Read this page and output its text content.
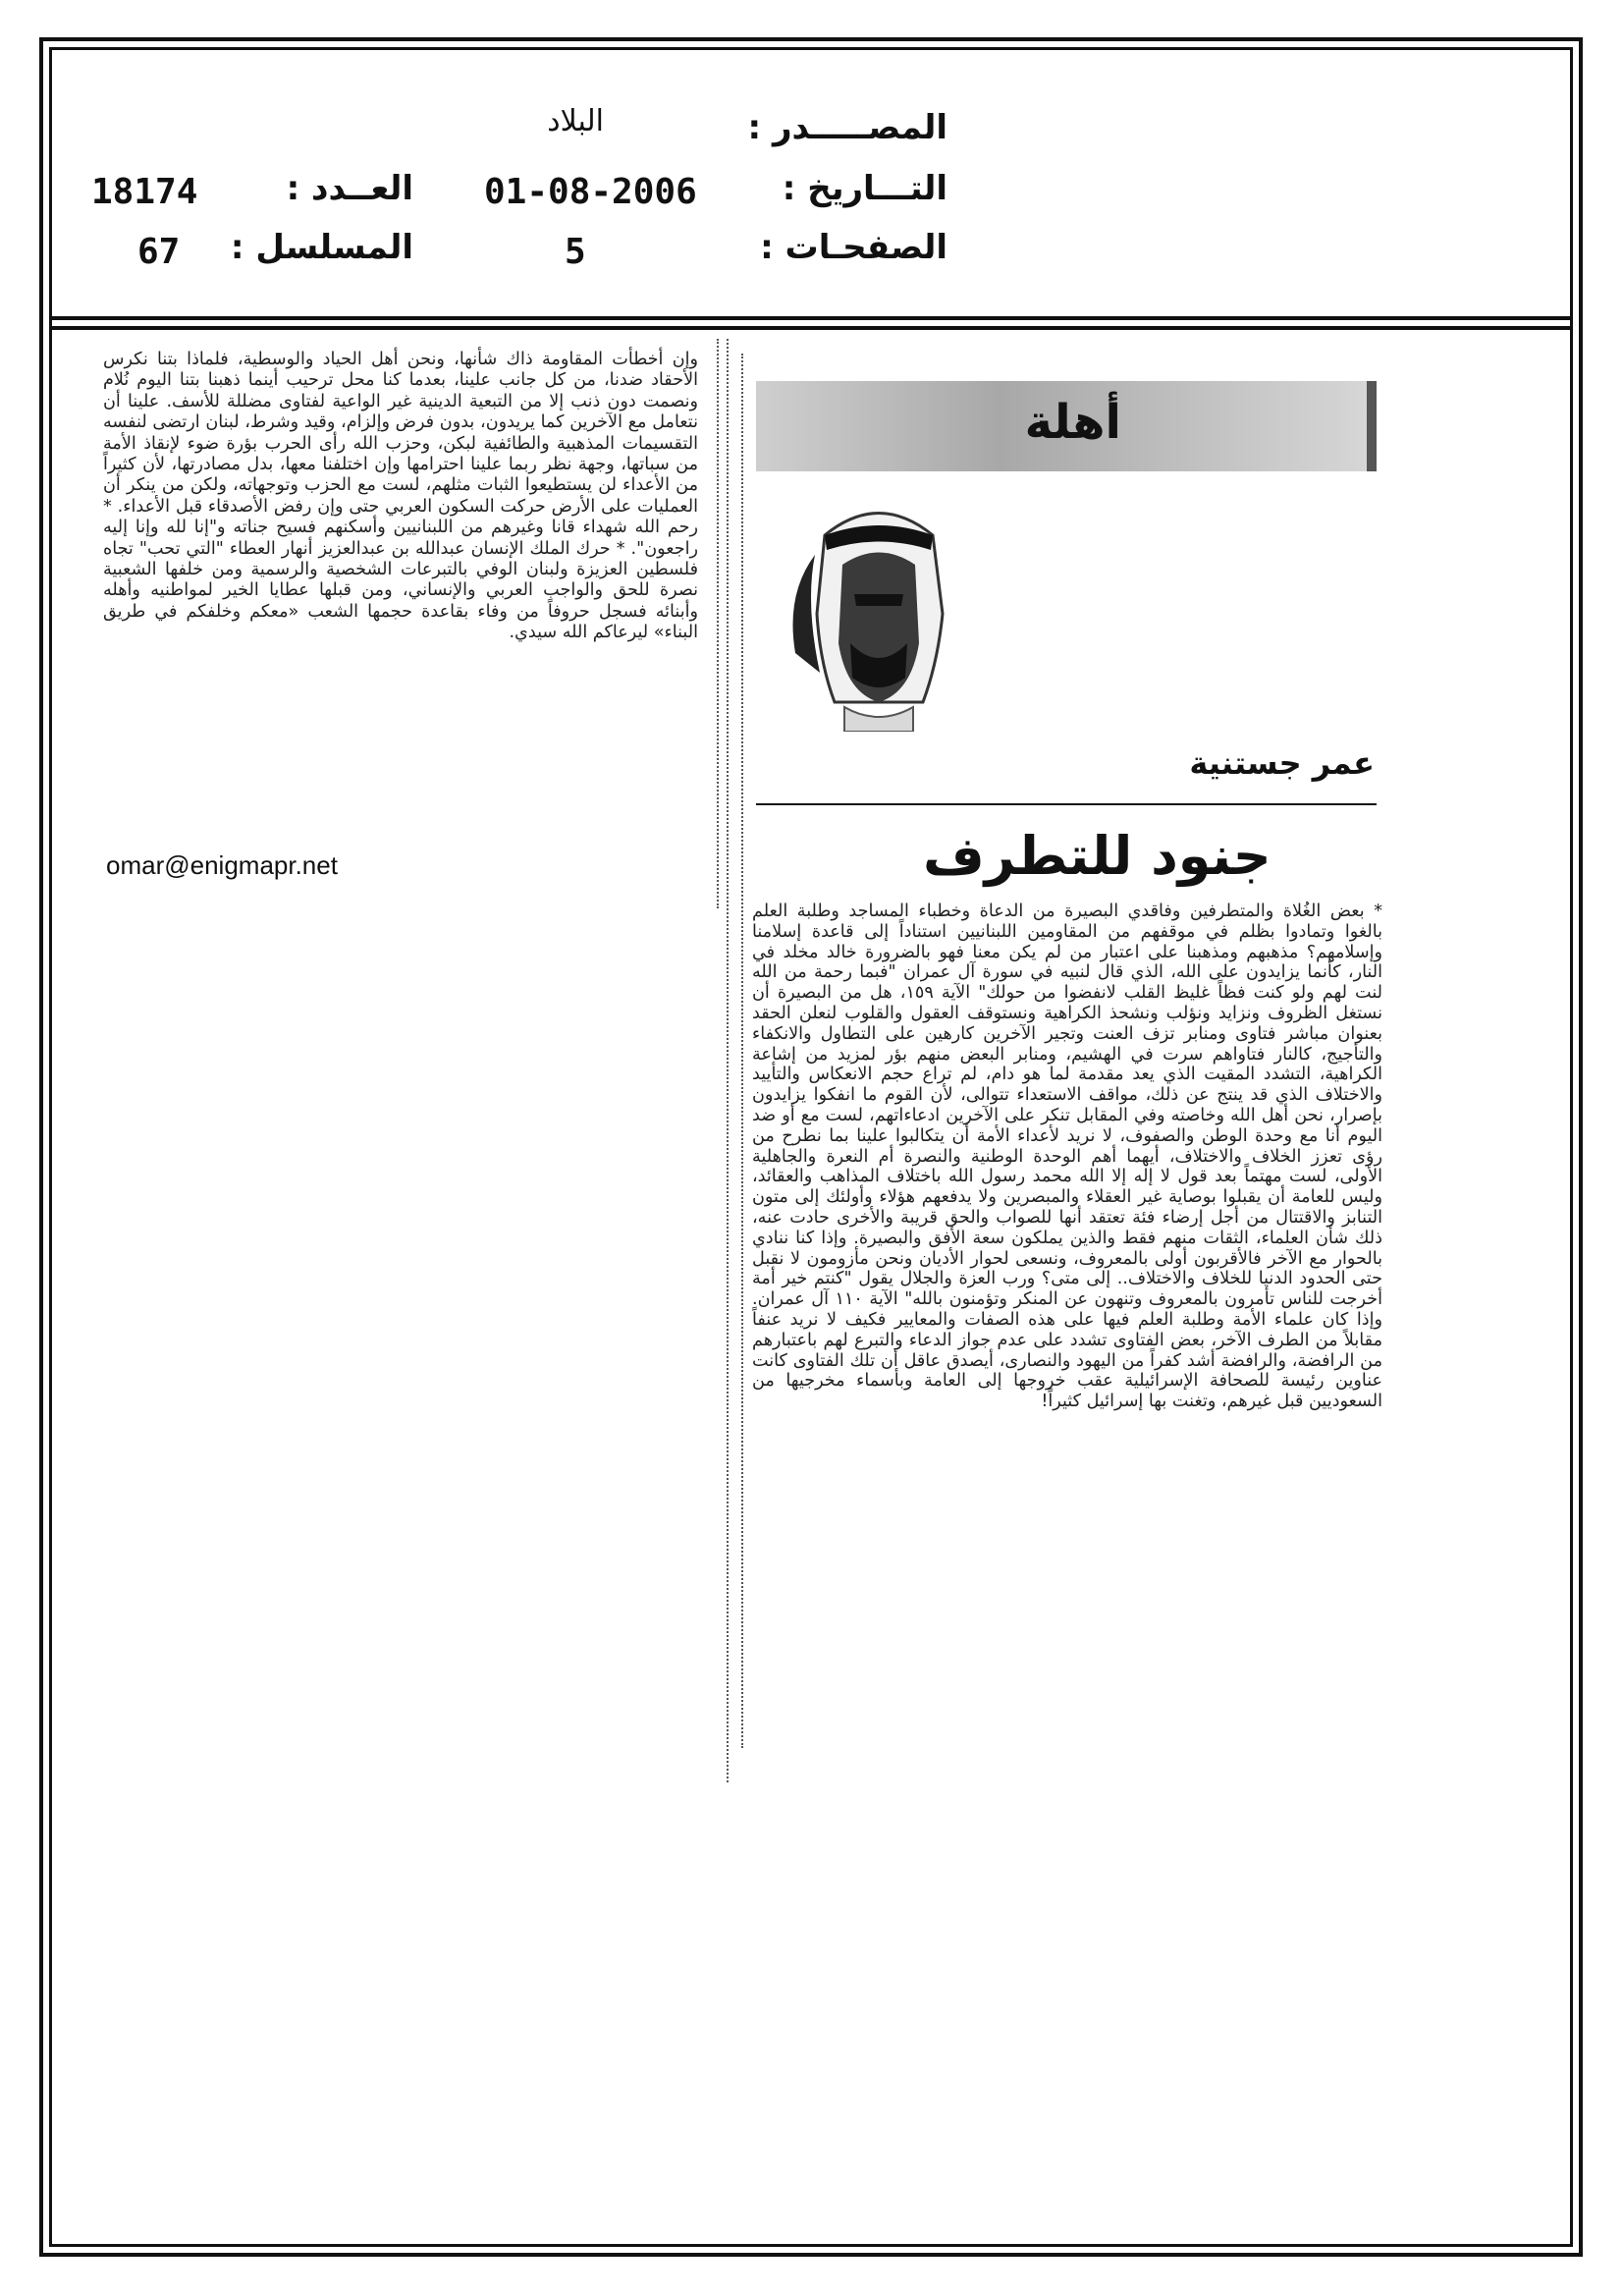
المصـــــدر :
البلاد
التـــاريخ :
01-08-2006
العــدد :
18174
الصفحـات :
5
المسلسل :
67
أهلة
عمر جستنية
جنود للتطرف

* بعض الغُلاة والمتطرفين وفاقدي البصيرة من الدعاة وخطباء المساجد وطلبة العلم بالغوا وتمادوا بظلم في موقفهم من المقاومين اللبنانيين استناداً إلى قاعدة إسلامنا وإسلامهم؟ مذهبهم ومذهبنا على اعتبار من لم يكن معنا فهو بالضرورة خالد مخلد في النار، كأنما يزايدون على الله، الذي قال لنبيه في سورة آل عمران "فبما رحمة من الله لنت لهم ولو كنت فظاً غليظ القلب لانفضوا من حولك" الآية ١٥٩، هل من البصيرة أن نستغل الظروف ونزايد ونؤلب ونشحذ الكراهية ونستوقف العقول والقلوب لنعلن الحقد بعنوان مباشر فتاوى ومنابر تزف العنت وتجير الآخرين كارهين على التطاول والانكفاء والتأجيج، كالنار فتاواهم سرت في الهشيم، ومنابر البعض منهم بؤر لمزيد من إشاعة الكراهية، التشدد المقيت الذي يعد مقدمة لما هو دام، لم تراع حجم الانعكاس والتأييد والاختلاف الذي قد ينتج عن ذلك، مواقف الاستعداء تتوالى، لأن القوم ما انفكوا يزايدون بإصرار، نحن أهل الله وخاصته وفي المقابل تنكر على الآخرين ادعاءاتهم، لست مع أو ضد اليوم أنا مع وحدة الوطن والصفوف، لا نريد لأعداء الأمة أن يتكالبوا علينا بما نطرح من رؤى تعزز الخلاف والاختلاف، أيهما أهم الوحدة الوطنية والنصرة أم النعرة والجاهلية الأولى، لست مهتماً بعد قول لا إله إلا الله محمد رسول الله باختلاف المذاهب والعقائد، وليس للعامة أن يقبلوا بوصاية غير العقلاء والمبصرين ولا يدفعهم هؤلاء وأولئك إلى متون التنابز والاقتتال من أجل إرضاء فئة تعتقد أنها للصواب والحق قريبة والأخرى حادت عنه، ذلك شأن العلماء، الثقات منهم فقط والذين يملكون سعة الأفق والبصيرة. وإذا كنا ننادي بالحوار مع الآخر فالأقربون أولى بالمعروف، ونسعى لحوار الأديان ونحن مأزومون لا نقبل حتى الحدود الدنيا للخلاف والاختلاف.. إلى متى؟ ورب العزة والجلال يقول "كنتم خير أمة أخرجت للناس تأمرون بالمعروف وتنهون عن المنكر وتؤمنون بالله" الآية ١١٠ آل عمران. وإذا كان علماء الأمة وطلبة العلم فيها على هذه الصفات والمعايير فكيف لا نريد عنفاً مقابلاً من الطرف الآخر، بعض الفتاوى تشدد على عدم جواز الدعاء والتبرع لهم باعتبارهم من الرافضة، والرافضة أشد كفراً من اليهود والنصارى، أيصدق عاقل أن تلك الفتاوى كانت عناوين رئيسة للصحافة الإسرائيلية عقب خروجها إلى العامة وبأسماء مخرجيها من السعوديين قبل غيرهم، وتغنت بها إسرائيل كثيراً!

وإن أخطأت المقاومة ذاك شأنها، ونحن أهل الحياد والوسطية، فلماذا بتنا نكرس الأحقاد ضدنا، من كل جانب علينا، بعدما كنا محل ترحيب أينما ذهبنا بتنا اليوم نُلام ونصمت دون ذنب إلا من التبعية الدينية غير الواعية لفتاوى مضللة للأسف. علينا أن نتعامل مع الآخرين كما يريدون، بدون فرض وإلزام، وقيد وشرط، لبنان ارتضى لنفسه التقسيمات المذهبية والطائفية لبكن، وحزب الله رأى الحرب بؤرة ضوء لإنقاذ الأمة من سباتها، وجهة نظر ربما علينا احترامها وإن اختلفنا معها، بدل مصادرتها، لأن كثيراً من الأعداء لن يستطيعوا الثبات مثلهم، لست مع الحزب وتوجهاته، ولكن من ينكر أن العمليات على الأرض حركت السكون العربي حتى وإن رفض الأصدقاء قبل الأعداء. * رحم الله شهداء قانا وغيرهم من اللبنانيين وأسكنهم فسيح جناته و"إنا لله وإنا إليه راجعون". * حرك الملك الإنسان عبدالله بن عبدالعزيز أنهار العطاء "التي تحب" تجاه فلسطين العزيزة ولبنان الوفي بالتبرعات الشخصية والرسمية ومن خلفها الشعبية نصرة للحق والواجب العربي والإنساني، ومن قبلها عطايا الخير لمواطنيه وأهله وأبنائه فسجل حروفاً من وفاء بقاعدة حجمها الشعب «معكم وخلفكم في طريق البناء» ليرعاكم الله سيدي.

omar@enigmapr.net
